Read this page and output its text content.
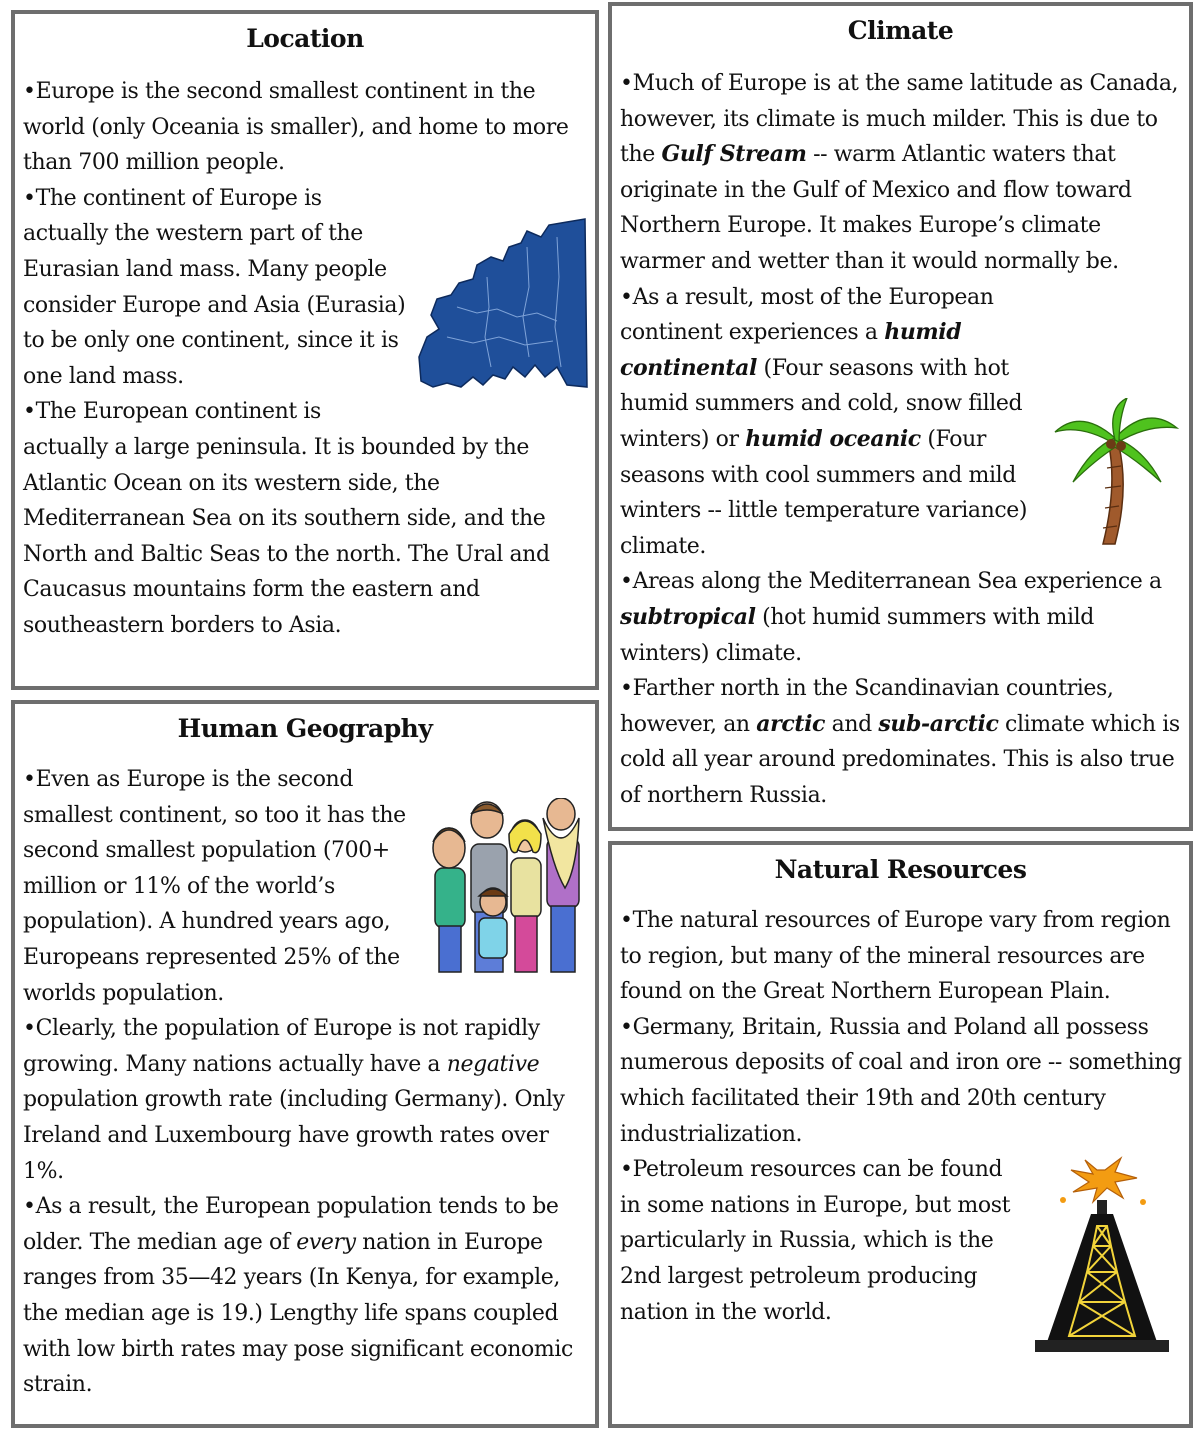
Location

•Europe is the second smallest continent in the world (only Oceania is smaller), and home to more than 700 million people.

•The continent of Europe is actually the western part of the Eurasian land mass. Many people consider Europe and Asia (Eurasia) to be only one continent, since it is one land mass.

•The European continent is actually a large peninsula. It is bounded by the Atlantic Ocean on its western side, the Mediterranean Sea on its southern side, and the North and Baltic Seas to the north. The Ural and Caucasus mountains form the eastern and southeastern borders to Asia.

Climate

•Much of Europe is at the same latitude as Canada, however, its climate is much milder. This is due to the Gulf Stream -- warm Atlantic waters that originate in the Gulf of Mexico and flow toward Northern Europe. It makes Europe’s climate warmer and wetter than it would normally be.

•As a result, most of the European continent experiences a humid continental (Four seasons with hot humid summers and cold, snow filled winters) or humid oceanic (Four seasons with cool summers and mild winters -- little temperature variance) climate.

•Areas along the Mediterranean Sea experience a subtropical (hot humid summers with mild winters) climate.

•Farther north in the Scandinavian countries, however, an arctic and sub-arctic climate which is cold all year around predominates. This is also true of northern Russia.

Human Geography

•Even as Europe is the second smallest continent, so too it has the second smallest population (700+ million or 11% of the world’s population). A hundred years ago, Europeans represented 25% of the worlds population.

•Clearly, the population of Europe is not rapidly growing. Many nations actually have a negative population growth rate (including Germany). Only Ireland and Luxembourg have growth rates over 1%.

•As a result, the European population tends to be older. The median age of every nation in Europe ranges from 35—42 years (In Kenya, for example, the median age is 19.) Lengthy life spans coupled with low birth rates may pose significant economic strain.

Natural Resources

•The natural resources of Europe vary from region to region, but many of the mineral resources are found on the Great Northern European Plain.

•Germany, Britain, Russia and Poland all possess numerous deposits of coal and iron ore -- something which facilitated their 19th and 20th century industrialization.

•Petroleum resources can be found in some nations in Europe, but most particularly in Russia, which is the 2nd largest petroleum producing nation in the world.
